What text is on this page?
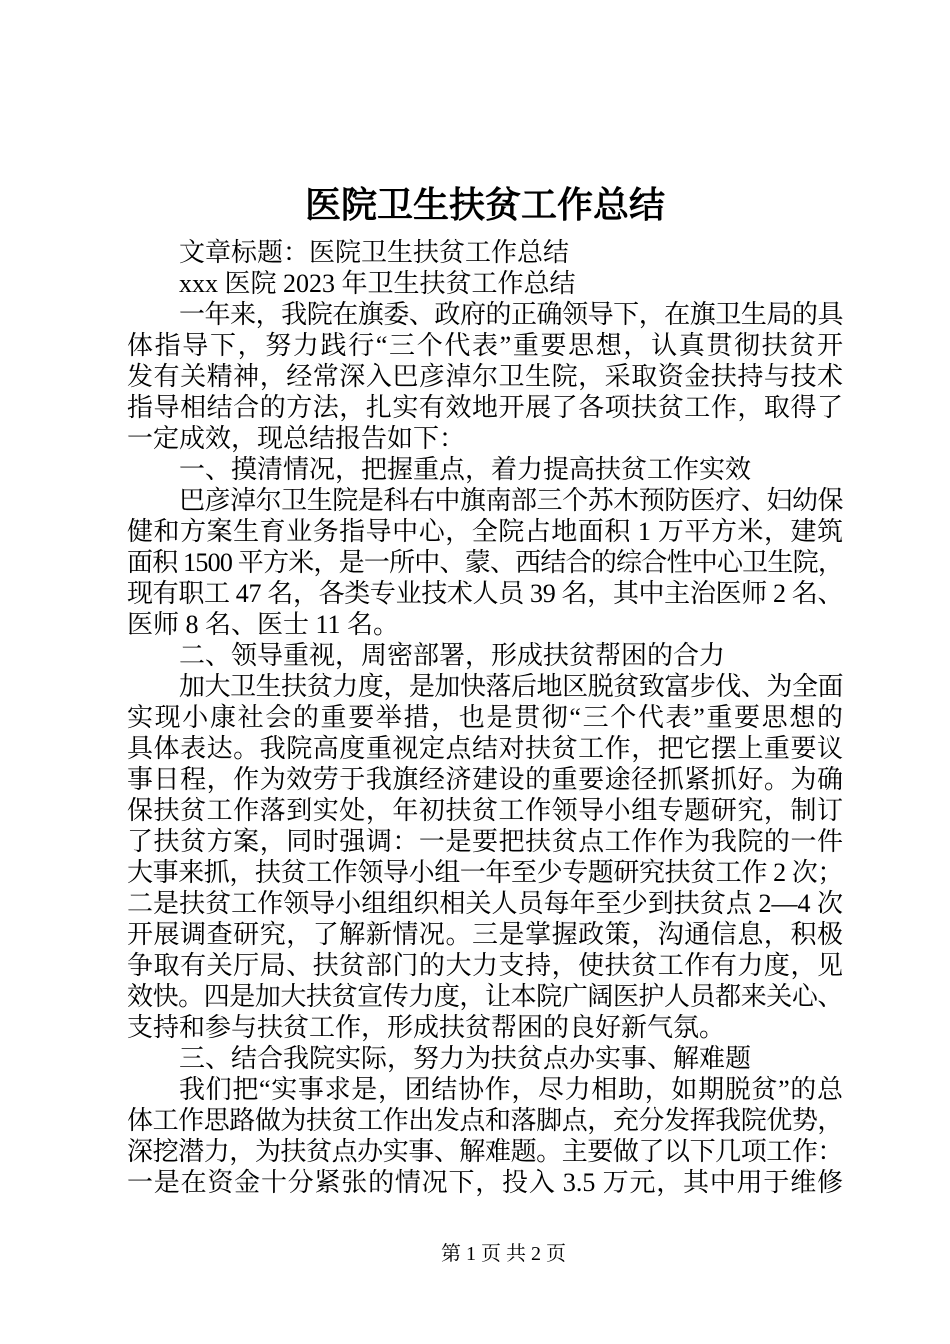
医院卫生扶贫工作总结
文章标题：医院卫生扶贫工作总结
xxx 医院 2023 年卫生扶贫工作总结
一年来，我院在旗委、政府的正确领导下，在旗卫生局的具
体指导下，努力践行“三个代表”重要思想，认真贯彻扶贫开
发有关精神，经常深入巴彦淖尔卫生院，采取资金扶持与技术
指导相结合的方法，扎实有效地开展了各项扶贫工作，取得了
一定成效，现总结报告如下：
一、摸清情况，把握重点，着力提高扶贫工作实效
巴彦淖尔卫生院是科右中旗南部三个苏木预防医疗、妇幼保
健和方案生育业务指导中心，全院占地面积 1 万平方米，建筑
面积 1500 平方米，是一所中、蒙、西结合的综合性中心卫生院，
现有职工 47 名，各类专业技术人员 39 名，其中主治医师 2 名、
医师 8 名、医士 11 名。
二、领导重视，周密部署，形成扶贫帮困的合力
加大卫生扶贫力度，是加快落后地区脱贫致富步伐、为全面
实现小康社会的重要举措，也是贯彻“三个代表”重要思想的
具体表达。我院高度重视定点结对扶贫工作，把它摆上重要议
事日程，作为效劳于我旗经济建设的重要途径抓紧抓好。为确
保扶贫工作落到实处，年初扶贫工作领导小组专题研究，制订
了扶贫方案，同时强调：一是要把扶贫点工作作为我院的一件
大事来抓，扶贫工作领导小组一年至少专题研究扶贫工作 2 次；
二是扶贫工作领导小组组织相关人员每年至少到扶贫点 2—4 次
开展调查研究，了解新情况。三是掌握政策，沟通信息，积极
争取有关厅局、扶贫部门的大力支持，使扶贫工作有力度，见
效快。四是加大扶贫宣传力度，让本院广阔医护人员都来关心、
支持和参与扶贫工作，形成扶贫帮困的良好新气氛。
三、结合我院实际，努力为扶贫点办实事、解难题
我们把“实事求是，团结协作，尽力相助，如期脱贫”的总
体工作思路做为扶贫工作出发点和落脚点，充分发挥我院优势，
深挖潜力，为扶贫点办实事、解难题。主要做了以下几项工作：
一是在资金十分紧张的情况下，投入 3.5 万元，其中用于维修
第 1 页 共 2 页
